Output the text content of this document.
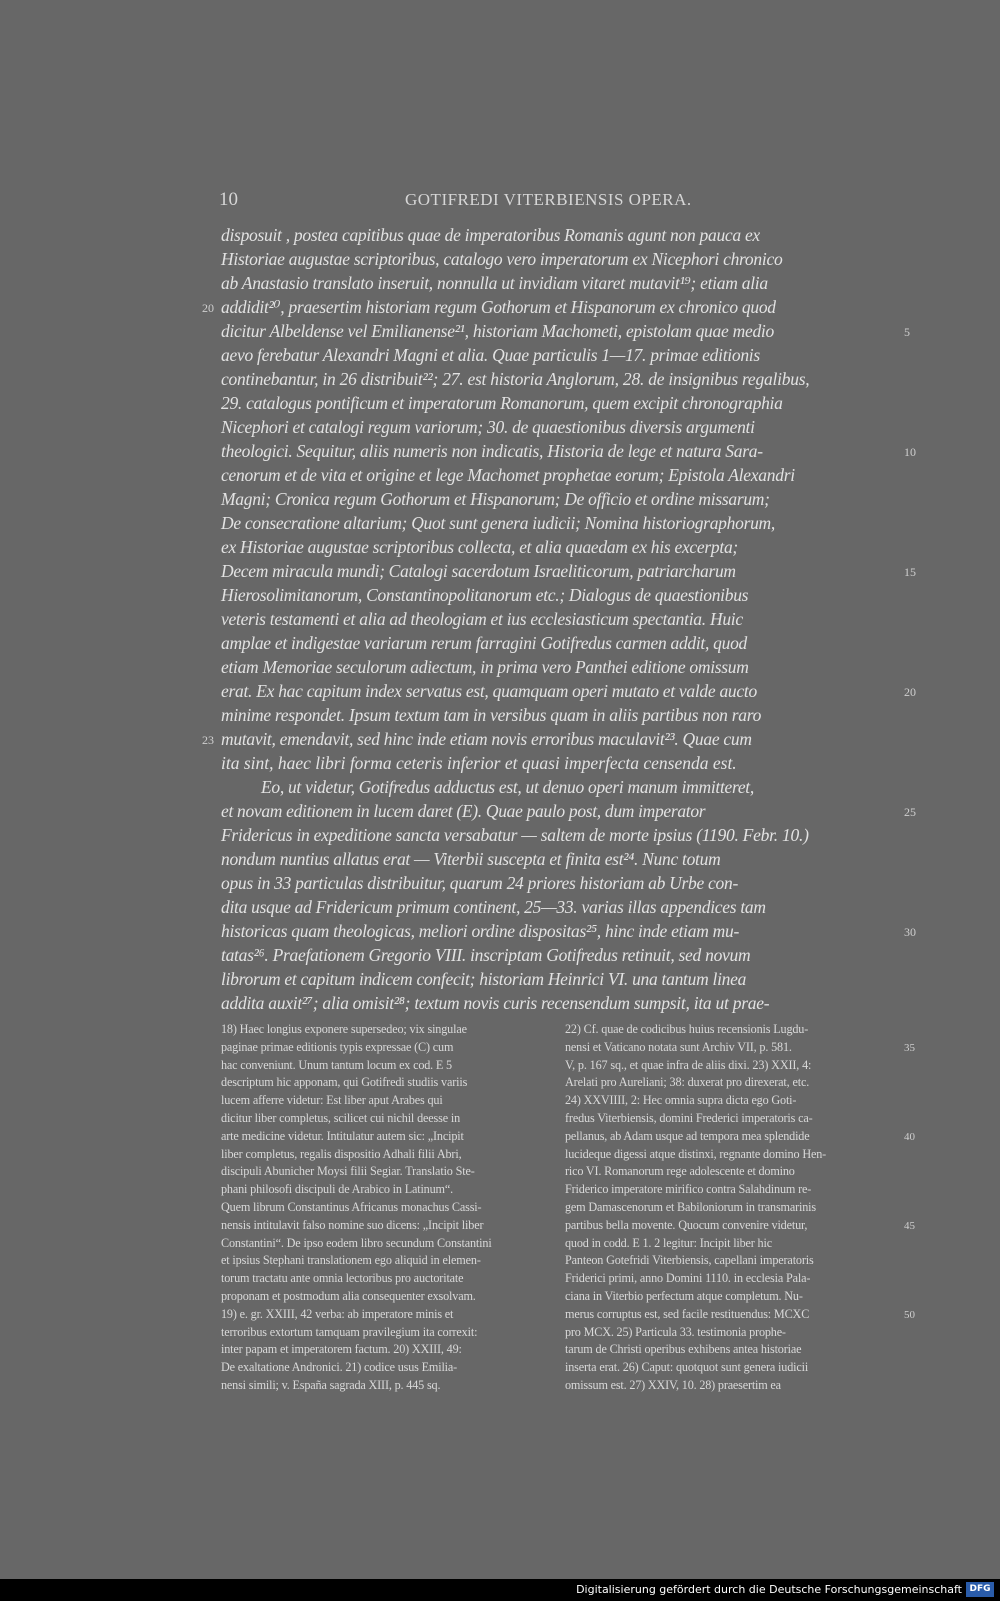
10	GOTIFREDI VITERBIENSIS OPERA.
disposuit , postea capitibus quae de imperatoribus Romanis agunt non pauca ex
Historiae augustae scriptoribus, catalogo vero imperatorum ex Nicephori chronico
ab Anastasio translato inseruit, nonnulla ut invidiam vitaret mutavit¹⁹; etiam alia
addidit²⁰, praesertim historiam regum Gothorum et Hispanorum ex chronico quod
dicitur Albeldense vel Emilianense²¹, historiam Machometi, epistolam quae medio
aevo ferebatur Alexandri Magni et alia. Quae particulis 1—17. primae editionis
continebantur, in 26 distribuit²²; 27. est historia Anglorum, 28. de insignibus regalibus,
29. catalogus pontificum et imperatorum Romanorum, quem excipit chronographia
Nicephori et catalogi regum variorum; 30. de quaestionibus diversis argumenti
theologici. Sequitur, aliis numeris non indicatis, Historia de lege et natura Sara-
cenorum et de vita et origine et lege Machomet prophetae eorum; Epistola Alexandri
Magni; Cronica regum Gothorum et Hispanorum; De officio et ordine missarum;
De consecratione altarium; Quot sunt genera iudicii; Nomina historiographorum,
ex Historiae augustae scriptoribus collecta, et alia quaedam ex his excerpta;
Decem miracula mundi; Catalogi sacerdotum Israeliticorum, patriarcharum
Hierosolimitanorum, Constantinopolitanorum etc.; Dialogus de quaestionibus
veteris testamenti et alia ad theologiam et ius ecclesiasticum spectantia. Huic
amplae et indigestae variarum rerum farragini Gotifredus carmen addit, quod
etiam Memoriae seculorum adiectum, in prima vero Panthei editione omissum
erat. Ex hac capitum index servatus est, quamquam operi mutato et valde aucto
minime respondet. Ipsum textum tam in versibus quam in aliis partibus non raro
mutavit, emendavit, sed hinc inde etiam novis erroribus maculavit²³. Quae cum
ita sint, haec libri forma ceteris inferior et quasi imperfecta censenda est.
Eo, ut videtur, Gotifredus adductus est, ut denuo operi manum immitteret,
et novam editionem in lucem daret (E). Quae paulo post, dum imperator
Fridericus in expeditione sancta versabatur — saltem de morte ipsius (1190. Febr. 10.)
nondum nuntius allatus erat — Viterbii suscepta et finita est²⁴. Nunc totum
opus in 33 particulas distribuitur, quarum 24 priores historiam ab Urbe con-
dita usque ad Fridericum primum continent, 25—33. varias illas appendices tam
historicas quam theologicas, meliori ordine dispositas²⁵, hinc inde etiam mu-
tatas²⁶. Praefationem Gregorio VIII. inscriptam Gotifredus retinuit, sed novum
librorum et capitum indicem confecit; historiam Heinrici VI. una tantum linea
addita auxit²⁷; alia omisit²⁸; textum novis curis recensendum sumpsit, ita ut prae-
20
23
5
10
15
20
25
30
18) Haec longius exponere supersedeo; vix singulae
paginae primae editionis typis expressae (C) cum
hac conveniunt. Unum tantum locum ex cod. E 5
descriptum hic apponam, qui Gotifredi studiis variis
lucem afferre videtur: Est liber aput Arabes qui
dicitur liber completus, scilicet cui nichil deesse in
arte medicine videtur. Intitulatur autem sic: „Incipit
liber completus, regalis dispositio Adhali filii Abri,
discipuli Abunicher Moysi filii Segiar. Translatio Ste-
phani philosofi discipuli de Arabico in Latinum“.
Quem librum Constantinus Africanus monachus Cassi-
nensis intitulavit falso nomine suo dicens: „Incipit liber
Constantini“. De ipso eodem libro secundum Constantini
et ipsius Stephani translationem ego aliquid in elemen-
torum tractatu ante omnia lectoribus pro auctoritate
proponam et postmodum alia consequenter exsolvam.
19) e. gr. XXIII, 42 verba: ab imperatore minis et
terroribus extortum tamquam pravilegium ita correxit:
inter papam et imperatorem factum. 20) XXIII, 49:
De exaltatione Andronici. 21) codice usus Emilia-
nensi simili; v. España sagrada XIII, p. 445 sq.
22) Cf. quae de codicibus huius recensionis Lugdu-
nensi et Vaticano notata sunt Archiv VII, p. 581.
V, p. 167 sq., et quae infra de aliis dixi. 23) XXII, 4:
Arelati pro Aureliani; 38: duxerat pro direxerat, etc.
24) XXVIIII, 2: Hec omnia supra dicta ego Goti-
fredus Viterbiensis, domini Frederici imperatoris ca-
pellanus, ab Adam usque ad tempora mea splendide
lucideque digessi atque distinxi, regnante domino Hen-
rico VI. Romanorum rege adolescente et domino
Friderico imperatore mirifico contra Salahdinum re-
gem Damascenorum et Babiloniorum in transmarinis
partibus bella movente. Quocum convenire videtur,
quod in codd. E 1. 2 legitur: Incipit liber hic
Panteon Gotefridi Viterbiensis, capellani imperatoris
Friderici primi, anno Domini 1110. in ecclesia Pala-
ciana in Viterbio perfectum atque completum. Nu-
merus corruptus est, sed facile restituendus: MCXC
pro MCX. 25) Particula 33. testimonia prophe-
tarum de Christi operibus exhibens antea historiae
inserta erat. 26) Caput: quotquot sunt genera iudicii
omissum est. 27) XXIV, 10. 28) praesertim ea
35
40
45
50
Digitalisierung gefördert durch die Deutsche Forschungsgemeinschaft DFG
